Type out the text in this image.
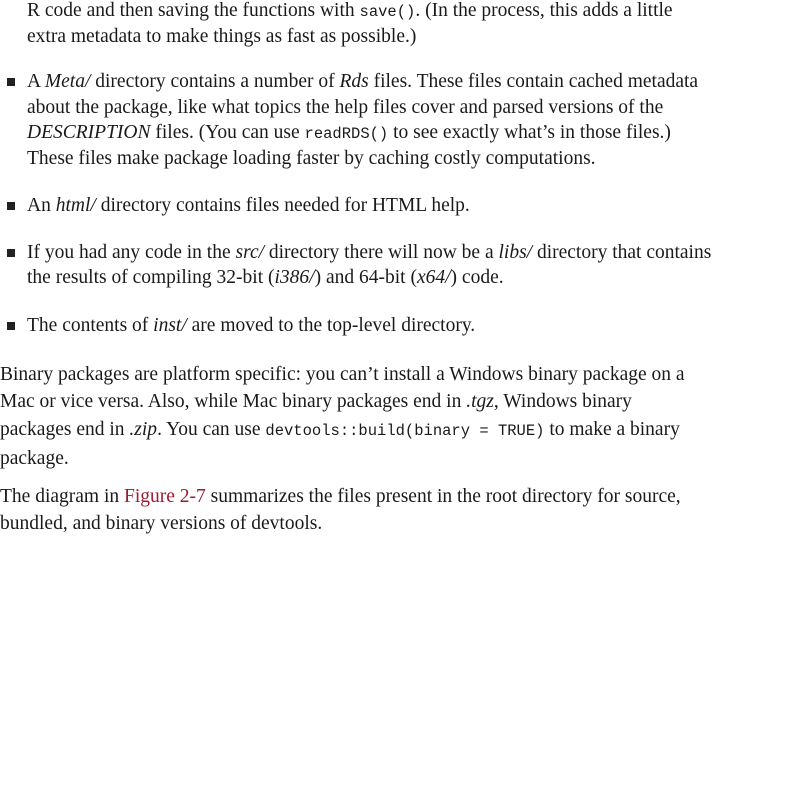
R code and then saving the functions with save(). (In the process, this adds a little
extra metadata to make things as fast as possible.)
A Meta/ directory contains a number of Rds files. These files contain cached metadata
about the package, like what topics the help files cover and parsed versions of the
DESCRIPTION files. (You can use readRDS() to see exactly what’s in those files.)
These files make package loading faster by caching costly computations.
An html/ directory contains files needed for HTML help.
If you had any code in the src/ directory there will now be a libs/ directory that contains
the results of compiling 32-bit (i386/) and 64-bit (x64/) code.
The contents of inst/ are moved to the top-level directory.
Binary packages are platform specific: you can’t install a Windows binary package on a
Mac or vice versa. Also, while Mac binary packages end in .tgz, Windows binary
packages end in .zip. You can use devtools::build(binary = TRUE) to make a binary
package.
The diagram in Figure 2-7 summarizes the files present in the root directory for source,
bundled, and binary versions of devtools.
